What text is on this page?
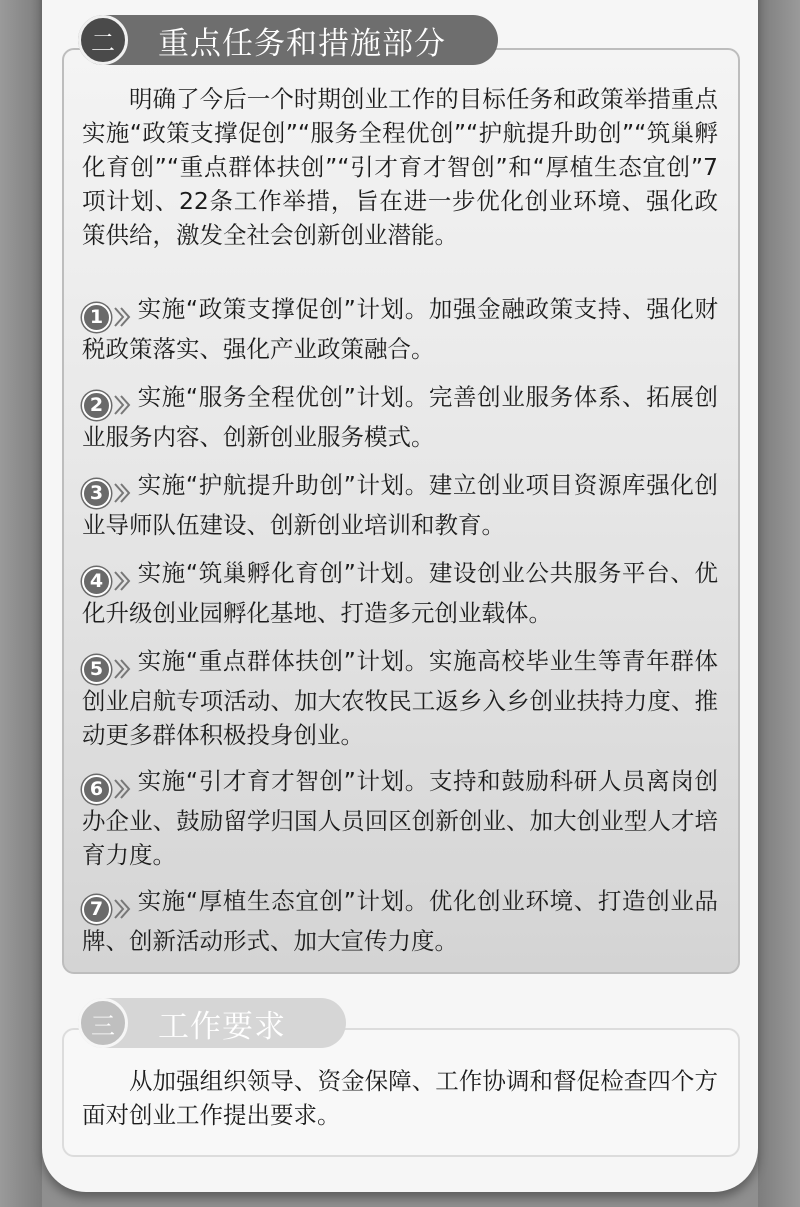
二	重点任务和措施部分
明确了今后一个时期创业工作的目标任务和政策举措重点实施“政策支撑促创”“服务全程优创”“护航提升助创”“筑巢孵化育创”“重点群体扶创”“引才育才智创”和“厚植生态宜创”7项计划、22条工作举措，旨在进一步优化创业环境、强化政策供给，激发全社会创新创业潜能。
1	实施“政策支撑促创”计划。加强金融政策支持、强化财税政策落实、强化产业政策融合。
2	实施“服务全程优创”计划。完善创业服务体系、拓展创业服务内容、创新创业服务模式。
3	实施“护航提升助创”计划。建立创业项目资源库强化创业导师队伍建设、创新创业培训和教育。
4	实施“筑巢孵化育创”计划。建设创业公共服务平台、优化升级创业园孵化基地、打造多元创业载体。
5	实施“重点群体扶创”计划。实施高校毕业生等青年群体创业启航专项活动、加大农牧民工返乡入乡创业扶持力度、推动更多群体积极投身创业。
6	实施“引才育才智创”计划。支持和鼓励科研人员离岗创办企业、鼓励留学归国人员回区创新创业、加大创业型人才培育力度。
7	实施“厚植生态宜创”计划。优化创业环境、打造创业品牌、创新活动形式、加大宣传力度。
三	工作要求
从加强组织领导、资金保障、工作协调和督促检查四个方面对创业工作提出要求。
